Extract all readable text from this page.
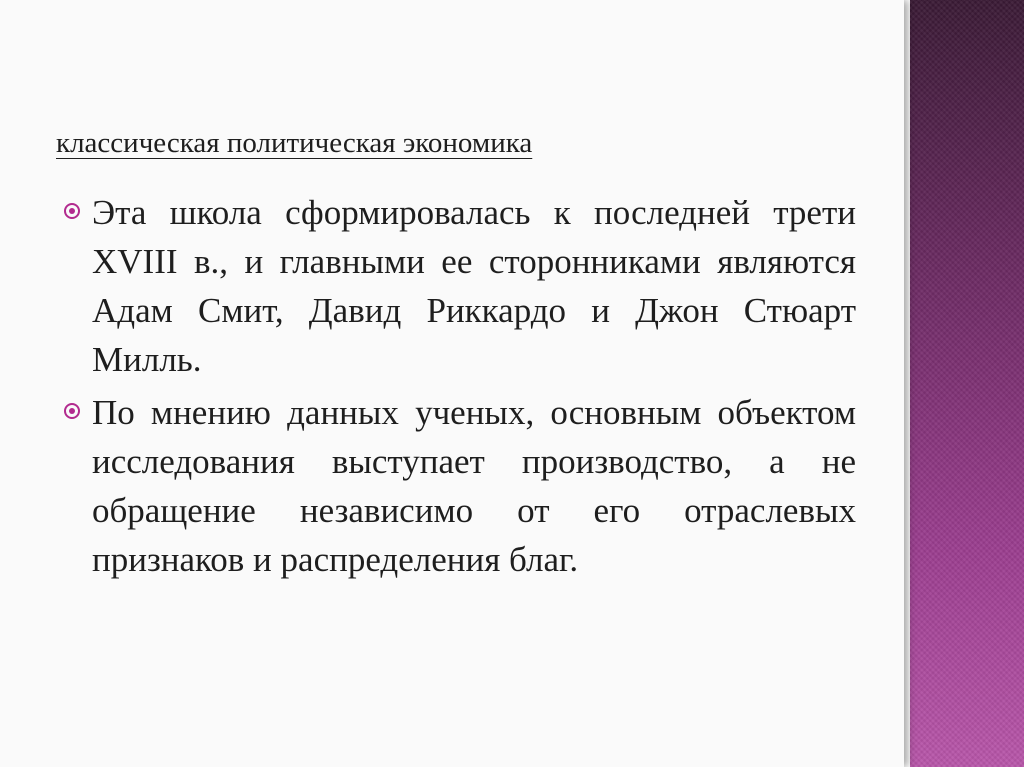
классическая политическая экономика
Эта школа сформировалась к последней трети XVIII в., и главными ее сторонниками являются Адам Смит, Давид Риккардо и Джон Стюарт Милль.
По мнению данных ученых, основным объектом исследования выступает производство, а не обращение независимо от его отраслевых признаков и распределения благ.
